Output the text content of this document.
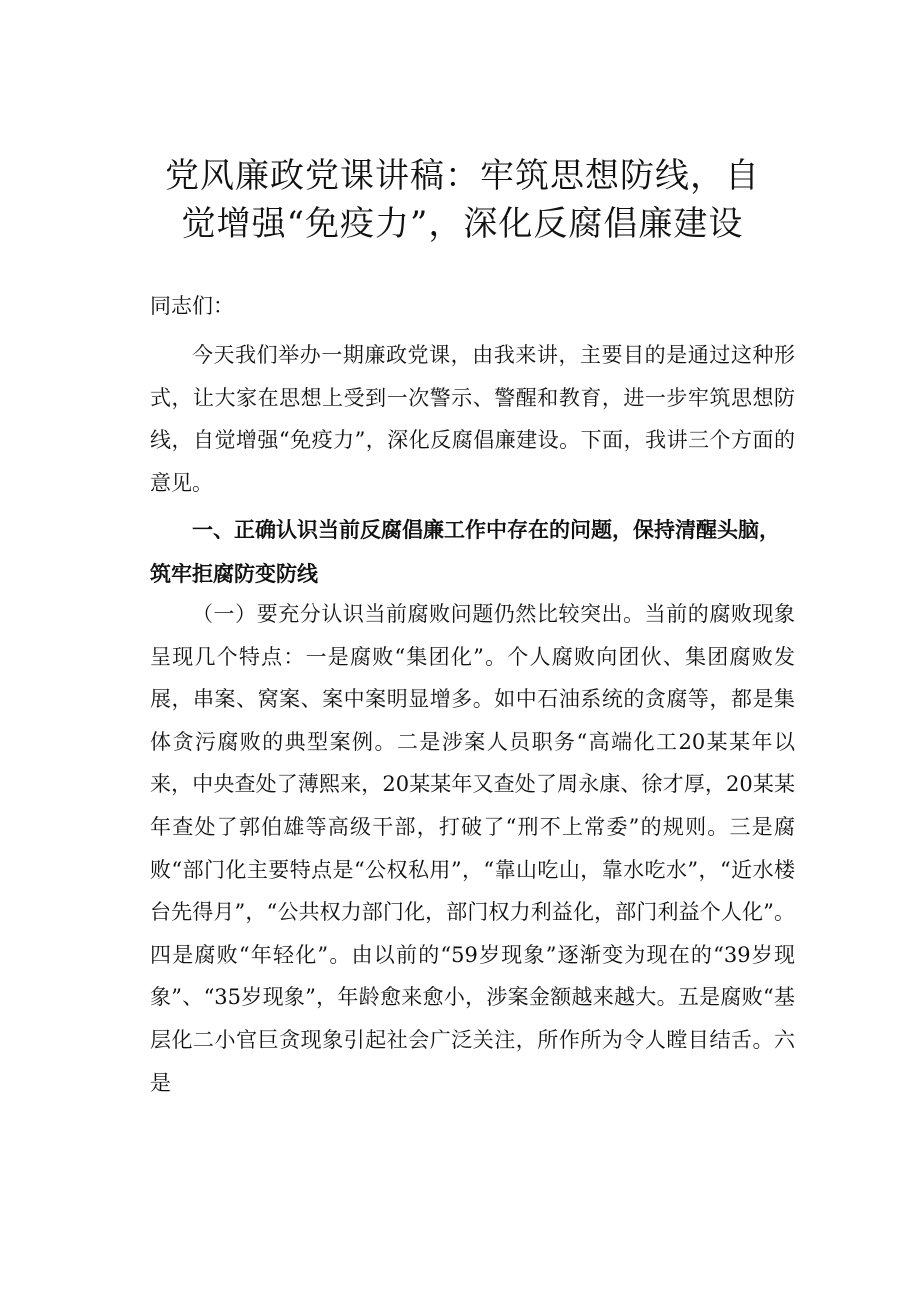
党风廉政党课讲稿：牢筑思想防线，自觉增强“免疫力”，深化反腐倡廉建设

同志们：

今天我们举办一期廉政党课，由我来讲，主要目的是通过这种形式，让大家在思想上受到一次警示、警醒和教育，进一步牢筑思想防线，自觉增强“免疫力”，深化反腐倡廉建设。下面，我讲三个方面的意见。

一、正确认识当前反腐倡廉工作中存在的问题，保持清醒头脑，筑牢拒腐防变防线

（一）要充分认识当前腐败问题仍然比较突出。当前的腐败现象呈现几个特点：一是腐败“集团化”。个人腐败向团伙、集团腐败发展，串案、窝案、案中案明显增多。如中石油系统的贪腐等，都是集体贪污腐败的典型案例。二是涉案人员职务“高端化工20某某年以来，中央查处了薄熙来，20某某年又查处了周永康、徐才厚，20某某年查处了郭伯雄等高级干部，打破了“刑不上常委”的规则。三是腐败“部门化主要特点是“公权私用”，“靠山吃山，靠水吃水”，“近水楼台先得月”，“公共权力部门化，部门权力利益化，部门利益个人化”。四是腐败“年轻化”。由以前的“59岁现象”逐渐变为现在的“39岁现象”、“35岁现象”，年龄愈来愈小，涉案金额越来越大。五是腐败“基层化二小官巨贪现象引起社会广泛关注，所作所为令人瞠目结舌。六是
